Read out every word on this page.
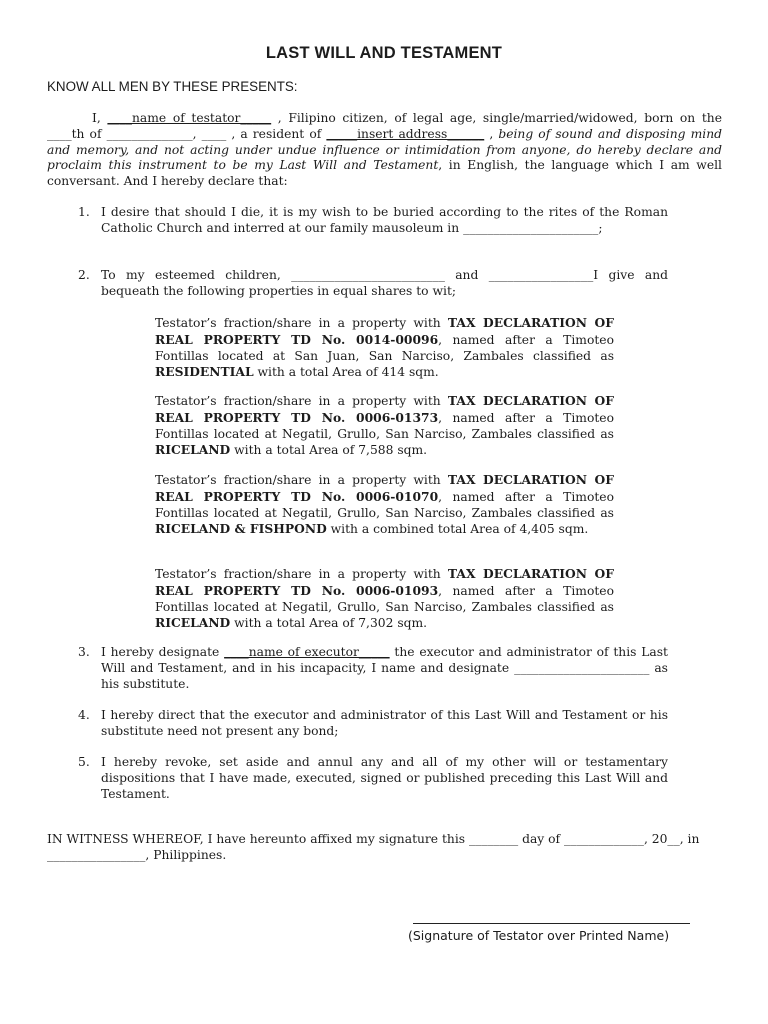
LAST WILL AND TESTAMENT
KNOW ALL MEN BY THESE PRESENTS:
I, ____name of testator_____ , Filipino citizen, of legal age, single/married/widowed, born on the ____th of ______________, ____ , a resident of _____insert address______ , being of sound and disposing mind and memory, and not acting under undue influence or intimidation from anyone, do hereby declare and proclaim this instrument to be my Last Will and Testament, in English, the language which I am well conversant. And I hereby declare that:
1. I desire that should I die, it is my wish to be buried according to the rites of the Roman Catholic Church and interred at our family mausoleum in ______________________;
2. To my esteemed children, _________________________ and _________________I give and bequeath the following properties in equal shares to wit;
Testator’s fraction/share in a property with TAX DECLARATION OF REAL PROPERTY TD No. 0014-00096, named after a Timoteo Fontillas located at San Juan, San Narciso, Zambales classified as RESIDENTIAL with a total Area of 414 sqm.
Testator’s fraction/share in a property with TAX DECLARATION OF REAL PROPERTY TD No. 0006-01373, named after a Timoteo Fontillas located at Negatil, Grullo, San Narciso, Zambales classified as RICELAND with a total Area of 7,588 sqm.
Testator’s fraction/share in a property with TAX DECLARATION OF REAL PROPERTY TD No. 0006-01070, named after a Timoteo Fontillas located at Negatil, Grullo, San Narciso, Zambales classified as RICELAND & FISHPOND with a combined total Area of 4,405 sqm.
Testator’s fraction/share in a property with TAX DECLARATION OF REAL PROPERTY TD No. 0006-01093, named after a Timoteo Fontillas located at Negatil, Grullo, San Narciso, Zambales classified as RICELAND with a total Area of 7,302 sqm.
3. I hereby designate ____name of executor_____ the executor and administrator of this Last Will and Testament, and in his incapacity, I name and designate ______________________ as his substitute.
4. I hereby direct that the executor and administrator of this Last Will and Testament or his substitute need not present any bond;
5. I hereby revoke, set aside and annul any and all of my other will or testamentary dispositions that I have made, executed, signed or published preceding this Last Will and Testament.
IN WITNESS WHEREOF, I have hereunto affixed my signature this ________ day of _____________, 20__, in ________________, Philippines.
(Signature of Testator over Printed Name)
